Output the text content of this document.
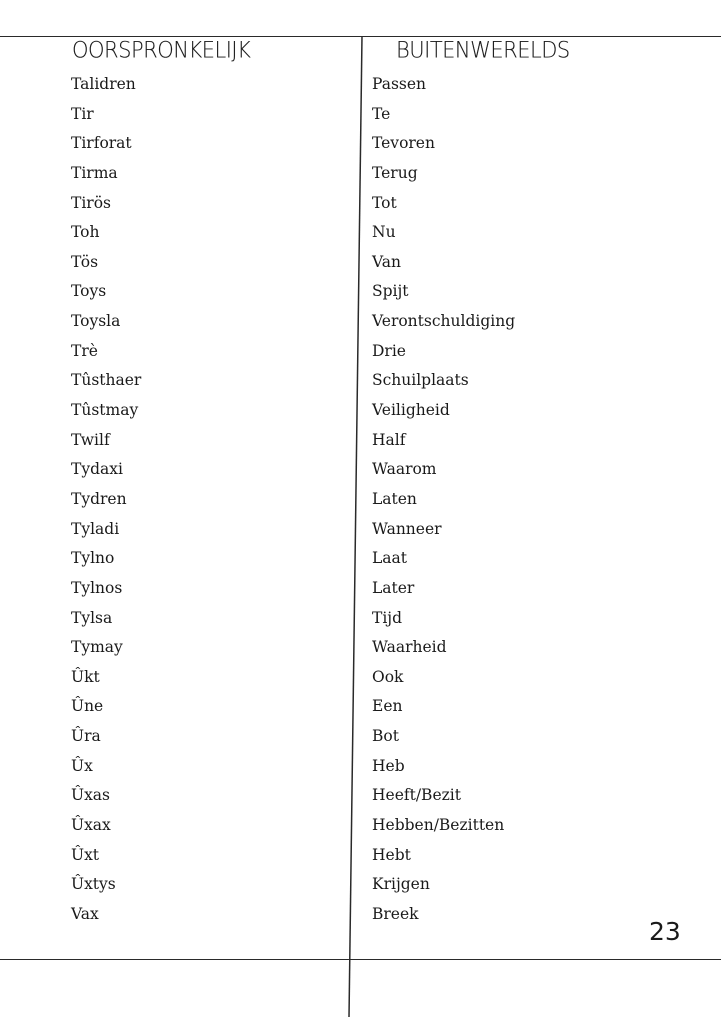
OORSPRONKELIJK	BUITENWERELDS
Talidren
Tir
Tirforat
Tirma
Tirös
Toh
Tös
Toys
Toysla
Trè
Tûsthaer
Tûstmay
Twilf
Tydaxi
Tydren
Tyladi
Tylno
Tylnos
Tylsa
Tymay
Ûkt
Ûne
Ûra
Ûx
Ûxas
Ûxax
Ûxt
Ûxtys
Vax
Passen
Te
Tevoren
Terug
Tot
Nu
Van
Spijt
Verontschuldiging
Drie
Schuilplaats
Veiligheid
Half
Waarom
Laten
Wanneer
Laat
Later
Tijd
Waarheid
Ook
Een
Bot
Heb
Heeft/Bezit
Hebben/Bezitten
Hebt
Krijgen
Breek
23
